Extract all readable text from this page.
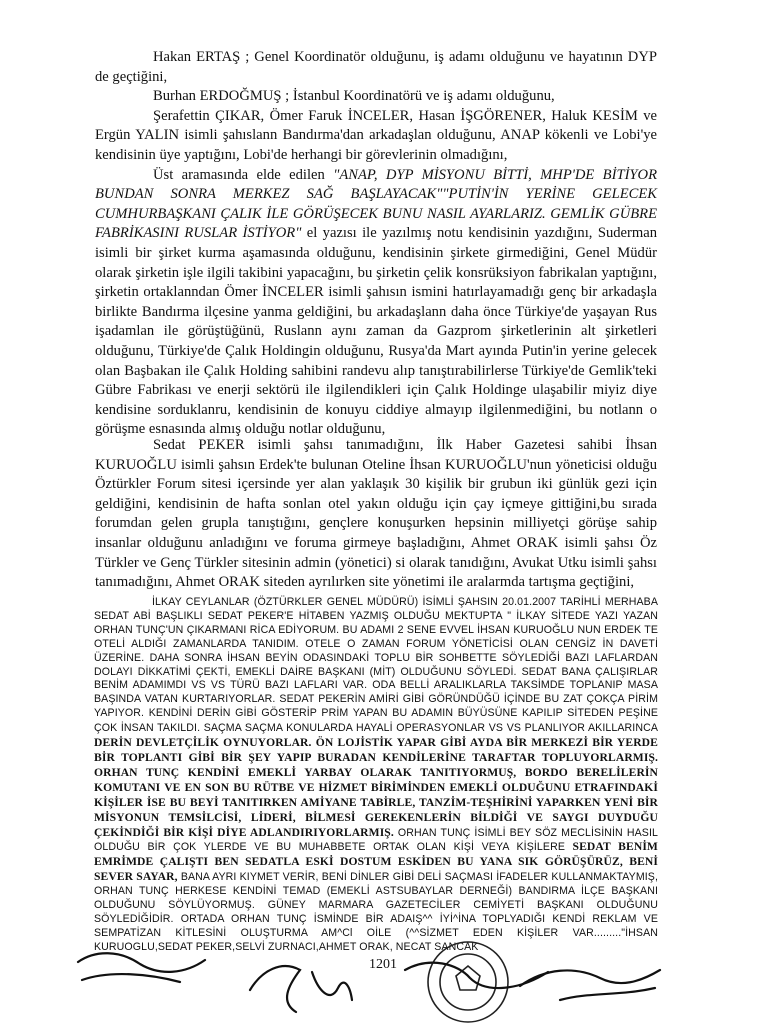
Hakan ERTAŞ ; Genel Koordinatör olduğunu, iş adamı olduğunu ve hayatının DYP de geçtiğini,

Burhan ERDOĞMUŞ ; İstanbul Koordinatörü ve iş adamı olduğunu,

Şerafettin ÇIKAR, Ömer Faruk İNCELER, Hasan İŞGÖRENER, Haluk KESİM ve Ergün YALIN isimli şahıslann Bandırma'dan arkadaşlan olduğunu, ANAP kökenli ve Lobi'ye kendisinin üye yaptığını, Lobi'de herhangi bir görevlerinin olmadığını,

Üst aramasında elde edilen "ANAP, DYP MİSYONU BİTTİ, MHP'DE BİTİYOR BUNDAN SONRA MERKEZ SAĞ BAŞLAYACAK""PUTİN'İN YERİNE GELECEK CUMHURBAŞKANI ÇALIK İLE GÖRÜŞECEK BUNU NASIL AYARLARIZ. GEMLİK GÜBRE FABRİKASINI RUSLAR İSTİYOR" el yazısı ile yazılmış notu kendisinin yazdığını, Suderman isimli bir şirket kurma aşamasında olduğunu, kendisinin şirkete girmediğini, Genel Müdür olarak şirketin işle ilgili takibini yapacağını, bu şirketin çelik konsrüksiyon fabrikalan yaptığını, şirketin ortaklanndan Ömer İNCELER isimli şahısın ismini hatırlayamadığı genç bir arkadaşla birlikte Bandırma ilçesine yanma geldiğini, bu arkadaşlann daha önce Türkiye'de yaşayan Rus işadamlan ile görüştüğünü, Ruslann aynı zaman da Gazprom şirketlerinin alt şirketleri olduğunu, Türkiye'de Çalık Holdingin olduğunu, Rusya'da Mart ayında Putin'in yerine gelecek olan Başbakan ile Çalık Holding sahibini randevu alıp tanıştırabilirlerse Türkiye'de Gemlik'teki Gübre Fabrikası ve enerji sektörü ile ilgilendikleri için Çalık Holdinge ulaşabilir miyiz diye kendisine sorduklanru, kendisinin de konuyu ciddiye almayıp ilgilenmediğini, bu notlann o görüşme esnasında almış olduğu notlar olduğunu,

Sedat PEKER isimli şahsı tanımadığını, İlk Haber Gazetesi sahibi İhsan KURUOĞLU isimli şahsın Erdek'te bulunan Oteline İhsan KURUOĞLU'nun yöneticisi olduğu Öztürkler Forum sitesi içersinde yer alan yaklaşık 30 kişilik bir grubun iki günlük gezi için geldiğini, kendisinin de hafta sonlan otel yakın olduğu için çay içmeye gittiğini,bu sırada forumdan gelen grupla tanıştığını, gençlere konuşurken hepsinin milliyetçi görüşe sahip insanlar olduğunu anladığını ve foruma girmeye başladığını, Ahmet ORAK isimli şahsı Öz Türkler ve Genç Türkler sitesinin admin (yönetici) si olarak tanıdığını, Avukat Utku isimli şahsı tanımadığını, Ahmet ORAK siteden ayrılırken site yönetimi ile aralarmda tartışma geçtiğini,

İLKAY CEYLANLAR (ÖZTÜRKLER GENEL MÜDÜRÜ) İSİMLİ ŞAHSIN 20.01.2007 TARİHLİ MERHABA SEDAT ABİ BAŞLIKLI SEDAT PEKER'E HİTABEN YAZMIŞ OLDUĞU MEKTUPTA " İLKAY SİTEDE YAZI YAZAN ORHAN TUNÇ'UN ÇIKARMANI RİCA EDİYORUM. BU ADAMI 2 SENE EVVEL İHSAN KURUOĞLU NUN ERDEK TE OTELİ ALDIĞI ZAMANLARDA TANIDIM. OTELE O ZAMAN FORUM YÖNETİCİSİ OLAN CENGİZ İN DAVETİ ÜZERİNE. DAHA SONRA İHSAN BEYİN ODASINDAKİ TOPLU BİR SOHBETTE SÖYLEDİĞİ BAZI LAFLARDAN DOLAYI DİKKATİMİ ÇEKTİ, EMEKLİ DAİRE BAŞKANI (MİT) OLDUĞUNU SÖYLEDİ. SEDAT BANA ÇALIŞIRLAR BENİM ADAMIMDI VS VS TÜRÜ BAZI LAFLARI VAR. ODA BELLİ ARALIKLARLA TAKSİMDE TOPLANIP MASA BAŞINDA VATAN KURTARIYORLAR. SEDAT PEKERİN AMİRİ GİBİ GÖRÜNDÜĞÜ İÇİNDE BU ZAT ÇOKÇA PİRİM YAPIYOR. KENDİNİ DERİN GİBİ GÖSTERİP PRİM YAPAN BU ADAMIN BÜYÜSÜNE KAPILIP SİTEDEN PEŞİNE ÇOK İNSAN TAKILDI. SAÇMA SAÇMA KONULARDA HAYALİ OPERASYONLAR VS VS PLANLIYOR AKILLARINCA DERİN DEVLETÇİLİK OYNUYORLAR. ÖN LOJİSTİK YAPAR GİBİ AYDA BİR MERKEZİ BİR YERDE BİR TOPLANTI GİBİ BİR ŞEY YAPIP BURADAN KENDİLERİNE TARAFTAR TOPLUYORLARMIŞ. ORHAN TUNÇ KENDİNİ EMEKLİ YARBAY OLARAK TANITIYORMUŞ, BORDO BERELİLERİN KOMUTANI VE EN SON BU RÜTBE VE HİZMET BİRİMİNDEN EMEKLİ OLDUĞUNU ETRAFINDAKİ KİŞİLER İSE BU BEYİ TANITIRKEN AMİYANE TABİRLE, TANZİM-TEŞHİRİNİ YAPARKEN YENİ BİR MİSYONUN TEMSİLCİSİ, LİDERİ, BİLMESİ GEREKENLERİN BİLDİĞİ VE SAYGI DUYDUĞU ÇEKİNDİĞİ BİR KİŞİ DİYE ADLANDIRIYORLARMIŞ. ORHAN TUNÇ İSİMLİ BEY SÖZ MECLİSİNİN HASIL OLDUĞU BİR ÇOK YLERDE VE BU MUHABBETE ORTAK OLAN KİŞİ VEYA KİŞİLERE SEDAT BENİM EMRİMDE ÇALIŞTI BEN SEDATLA ESKİ DOSTUM ESKİDEN BU YANA SIK GÖRÜŞÜRÜZ, BENİ SEVER SAYAR, BANA AYRI KIYMET VERİR, BENİ DİNLER GİBİ DELİ SAÇMASI İFADELER KULLANMAKTAYMIŞ, ORHAN TUNÇ HERKESE KENDİNİ TEMAD (EMEKLİ ASTSUBAYLAR DERNEĞİ) BANDIRMA İLÇE BAŞKANI OLDUĞUNU SÖYLÜYORMUŞ. GÜNEY MARMARA GAZETECİLER CEMİYETİ BAŞKANI OLDUĞUNU SÖYLEDİĞİDİR. ORTADA ORHAN TUNÇ İSMİNDE BİR ADAIŞ^^ İYİ^İNA TOPLYADIĞI KENDİ REKLAM VE SEMPATİZAN KİTLESİNİ OLUŞTURMA AM^Cl OİLE (^^SİZMET EDEN KİŞİLER VAR........."İHSAN KURUOGLU,SEDAT PEKER,SELVİ ZURNACI,AHMET ORAK, NECAT SANCAK

1201
